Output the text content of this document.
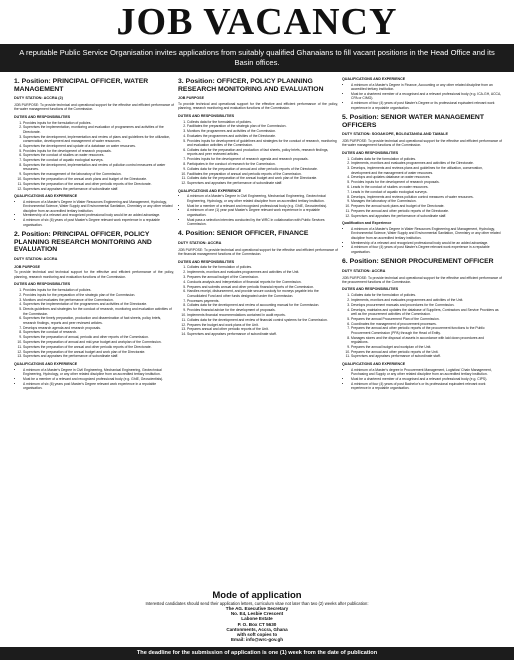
JOB VACANCY
A reputable Public Service Organisation invites applications from suitably qualified Ghanaians to fill vacant positions in the Head Office and its Basin offices.
1. Position: PRINCIPAL OFFICER, WATER MANAGEMENT
DUTY STATION: ACCRA (2)
JOB PURPOSE: To provide technical and operational support for the effective and efficient performance of the water management functions of the Commission.
DUTIES AND RESPONSIBILITIES
1. Provides inputs for the formulation of policies.
2. Supervises the implementation, monitoring and evaluation of programmes and activities of the Directorate.
3. Supervises the development, implementation and review of plans and guidelines for the utilization, conservation, development and management of water resources.
4. Supervises the development and update of a database on water resources.
5. Provides inputs for the development of research proposals.
6. Supervises the conduct of studies on water resources.
7. Supervises the conduct of aquatic ecological surveys.
8. Supervises the development, implementation and review of pollution control measures of water resources.
9. Supervises the management of the laboratory of the Commission.
10. Supervises the preparation of the annual work plans and budget of the Directorate.
11. Supervises the preparation of the annual and other periodic reports of the Directorate.
12. Supervises and appraises the performance of subordinate staff.
QUALIFICATIONS AND EXPERIENCE
• A minimum of a Master's Degree in Water Resources Engineering and Management, Hydrology, Environmental Science, Water Supply and Environmental Sanitation, Chemistry or any other related discipline from an accredited tertiary institution.
• Membership of a relevant and recognized professional body would be an added advantage.
• A minimum of six (6) years of post Master's Degree relevant work experience in a reputable organisation.
2. Position: PRINCIPAL OFFICER, POLICY PLANNING RESEARCH MONITORING AND EVALUATION
DUTY STATION: ACCRA
JOB PURPOSE
To provide technical and technical support for the effective and efficient performance of the policy, planning, research monitoring and evaluation functions of the Commission.
DUTIES AND RESPONSIBILITIES
1. Provides inputs for the formulation of policies.
2. Provides inputs for the preparation of the strategic plan of the Commission.
3. Monitors and evaluates the performance of the Commission.
4. Supervises the implementation of the programmes and activities of the Directorate.
5. Directs guidelines and strategies for the conduct of research, monitoring and evaluation activities of the Commission.
6. Supervises the timely preparation, production and dissemination of fact sheets, policy briefs, research findings, reports and peer reviewed articles.
7. Develops research agenda and research proposals.
8. Supervises the conduct of research.
9. Supervises the preparation of annual, periodic and other reports of the Commission.
10. Supervises the preparation of annual and mid-year budget and workplan of the Commission.
11. Supervises the preparation of the annual and other periodic reports of the Directorate.
12. Supervises the preparation of the annual budget and work plan of the Directorate.
13. Supervises and appraises the performance of subordinate staff.
QUALIFICATIONS AND EXPERIENCE
• A minimum of a Master's Degree in Civil Engineering, Mechanical Engineering, Geotechnical Engineering, Hydrology, or any other related discipline from an accredited tertiary institution.
• Must be a member of a relevant and recognized professional body (e.g. GhIE, Geoscientists).
• A minimum of six (6) years post Master's Degree relevant work experience in a reputable organisation.
3. Position: OFFICER, POLICY PLANNING RESEARCH MONITORING AND EVALUATION
JOB PURPOSE
To provide technical and operational support for the effective and efficient performance of the policy, planning, research monitoring and evaluation functions of the Commission.
DUTIES AND RESPONSIBILITIES
1. Collects data for the formulation of policies.
2. Facilitates the preparation of the strategic plan of the Commission.
3. Monitors the programmes and activities of the Commission.
4. Evaluates the programmes and activities of the Directorate.
5. Provides inputs for development of guidelines and strategies for the conduct of research, monitoring and evaluation activities of the Commission.
6. Collates data for the preparation and production of fact sheets, policy briefs, research findings, reports and peer reviewed articles.
7. Provides inputs for the development of research agenda and research proposals.
8. Participates in the conduct of research for the Commission.
9. Collates data for the preparation of annual and other periodic reports of the Directorate.
10. Facilitates the preparation of annual and periodic reports of the Commission.
11. Collates data for the preparation of the annual budget and work plan of the Directorate.
12. Supervises and appraises the performance of subordinate staff.
QUALIFICATIONS AND EXPERIENCE
• A minimum of a Master's Degree in Civil Engineering, Mechanical Engineering, Geotechnical Engineering, Hydrology, or any other related discipline from an accredited tertiary institution.
• Must be a member of a relevant and recognized professional body (e.g. GhIE, Geoscientists).
• A minimum of one (1) year post Master's Degree relevant work experience in a reputable organisation.
• Must pass a selection interview conducted by the WRC in collaboration with Public Services Commission.
4. Position: SENIOR OFFICER, FINANCE
DUTY STATION: ACCRA
JOB PURPOSE: To provide technical and operational support for the effective and efficient performance of the financial management functions of the Commission.
DUTIES AND RESPONSIBILITIES
1. Collates data for the formulation of policies.
2. Implements, monitors and evaluates programmes and activities of the Unit.
3. Prepares the annual budget of the Commission.
4. Conducts analysis and interpretation of financial reports for the Commission.
5. Prepares and submits annual and other periodic financial reports of the Commission.
6. Handles receipt, disbursement, and provide secure custody for moneys payable into the Consolidated Fund and other funds designated under the Commission.
7. Processes payments.
8. Collates data for the development and review of accounting manual for the Commission.
9. Provides financial advice for the development of proposals.
10. Implements financial recommendations contained in audit reports.
11. Collates data for the development and review of financial control systems for the Commission.
12. Prepares the budget and work plans of the Unit.
13. Prepares annual and other periodic reports of the Unit.
14. Supervises and appraises performance of subordinate staff.
QUALIFICATIONS AND EXPERIENCE
• A minimum of a Master's Degree in Finance, Accounting or any other related discipline from an accredited tertiary institution.
• Must be a chartered member of a recognised and a relevant professional body (e.g. ICA-GH, ACCA, CPA or CIMG).
• A minimum of four (4) years of post Master's Degree or its professional equivalent relevant work experience in a reputable organisation.
5. Position: SENIOR WATER MANAGEMENT OFFICERS
DUTY STATION: SOGAKOPE, BOLGATANGA AND TAMALE
JOB PURPOSE: To provide technical and operational support for the effective and efficient performance of the water management functions of the Commission.
DUTIES AND RESPONSIBILITIES
1. Collates data for the formulation of policies.
2. Implements, monitors and evaluates programmes and activities of the Directorate.
3. Develops, implements and reviews plans and guidelines for the utilization, conservation, development and the management of water resources.
4. Develops and updates database on water resources.
5. Provides inputs for the development of research proposals.
6. Leads in the conduct of studies on water resources.
7. Leads in the conduct of aquatic ecological surveys.
8. Develops, implements and reviews pollution control measures of water resources.
9. Manages the laboratory of the Commission.
10. Prepares the annual work plans and budget of the Directorate.
11. Prepares the annual and other periodic reports of the Directorate.
12. Supervises and appraises the performance of subordinate staff.
Qualification and Experience
• A minimum of a Master's Degree in Water Resources Engineering and Management, Hydrology, Environmental Science, Water Supply and Environmental Sanitation, Chemistry or any other related discipline from an accredited tertiary institution.
• Membership of a relevant and recognized professional body would be an added advantage.
• A minimum of four (4) years of post Master's Degree relevant work experience in a reputable organisation.
6. Position: SENIOR PROCUREMENT OFFICER
DUTY STATION: ACCRA
JOB PURPOSE: To provide technical and operational support for the effective and efficient performance of the procurement functions of the Commission.
DUTIES AND RESPONSIBILITIES
1. Collates data for the formulation of policies.
2. Implements, monitors and evaluates programmes and activities of the Unit.
3. Develops procurement manuals and procedures for the Commission.
4. Develops, maintains and updates the database of Suppliers, Contractors and Service Providers as well as the procurement activities of the Commission.
5. Prepares the annual Procurement Plan of the Commission.
6. Coordinates the management of procurement processes.
7. Prepares the annual and other periodic reports of the procurement functions to the Public Procurement Commission (PPA) through the Head of Entity.
8. Manages stores and the disposal of assets in accordance with laid down procedures and regulations.
9. Prepares the annual budget and workplan of the Unit.
10. Prepares the annual and other periodic reports of the Unit.
11. Supervises and appraises performance of subordinate staff.
QUALIFICATIONS AND EXPERIENCE
• A minimum of a Master's degree in Procurement Management, Logistics/ Chain Management, Purchasing and Supply or any other related discipline from an accredited tertiary institution.
• Must be a chartered member of a recognised and a relevant professional body (e.g. CIPS).
• A minimum of four (4) years of post Bachelor's or its professional equivalent relevant work experience in a reputable organisation.
Mode of application
Interested candidates should send their application letters, curriculum vitae not later than two (2) weeks after publication:
The AG. Executive Secretary
No. E4, Lesbie Crescent
Labone Estate
P. O. Box CT 5630
Cantonments, Accra, Ghana
with soft copies to
Email: info@wrc-gov.gh
The deadline for the submission of application is one (1) week from the date of publication
